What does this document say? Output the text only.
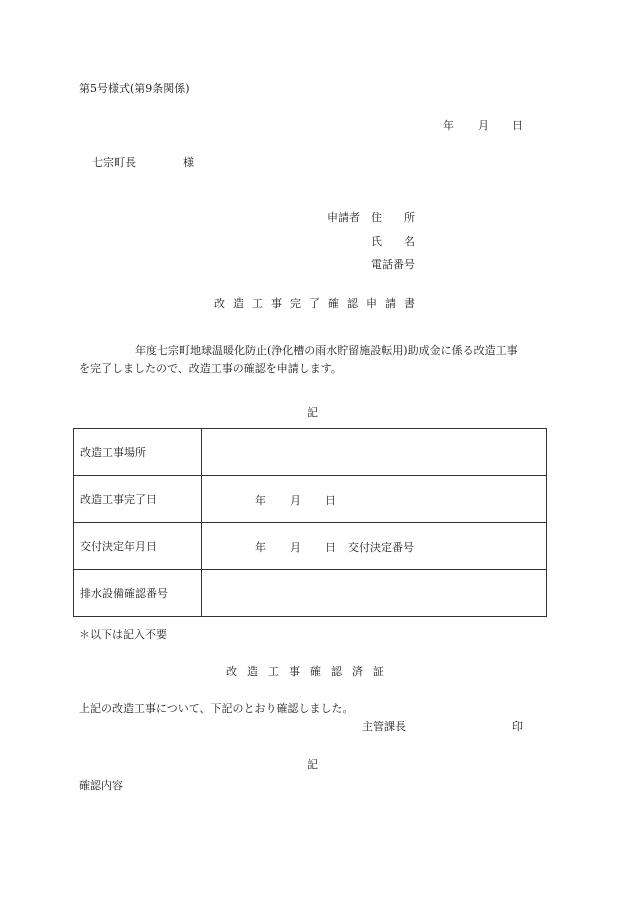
第5号様式(第9条関係)
年 月 日
七宗町長	様
申請者 住　　所
氏　　名
電話番号
改造工事完了確認申請書
年度七宗町地球温暖化防止(浄化槽の雨水貯留施設転用)助成金に係る改造工事
を完了しましたので、改造工事の確認を申請します。
記
改造工事場所	
改造工事完了日	年 月 日

交付決定年月日	年 月 日 交付決定番号

排水設備確認番号	
＊以下は記入不要
改造工事確認済証
上記の改造工事について、下記のとおり確認しました。
主管課長	印
記
確認内容
